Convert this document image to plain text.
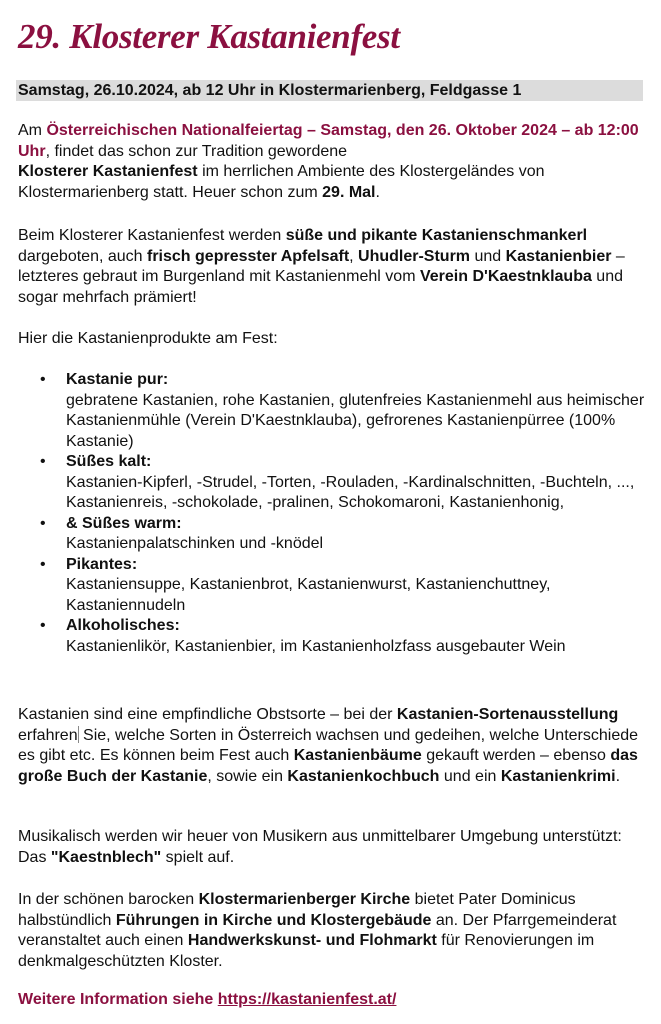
29. Klosterer Kastanienfest
Samstag, 26.10.2024, ab 12 Uhr in Klostermarienberg, Feldgasse 1

Am Österreichischen Nationalfeiertag – Samstag, den 26. Oktober 2024 – ab 12:00 Uhr, findet das schon zur Tradition gewordene
Klosterer Kastanienfest im herrlichen Ambiente des Klostergeländes von Klostermarienberg statt. Heuer schon zum 29. Mal.

Beim Klosterer Kastanienfest werden süße und pikante Kastanienschmankerl dargeboten, auch frisch gepresster Apfelsaft, Uhudler-Sturm und Kastanienbier – letzteres gebraut im Burgenland mit Kastanienmehl vom Verein D'Kaestnklauba und sogar mehrfach prämiert!

Hier die Kastanienprodukte am Fest:

• Kastanie pur:
gebratene Kastanien, rohe Kastanien, glutenfreies Kastanienmehl aus heimischer Kastanienmühle (Verein D'Kaestnklauba), gefrorenes Kastanienpürree (100% Kastanie)
• Süßes kalt:
Kastanien-Kipferl, -Strudel, -Torten, -Rouladen, -Kardinalschnitten, -Buchteln, ..., Kastanienreis, -schokolade, -pralinen, Schokomaroni, Kastanienhonig,
• & Süßes warm:
Kastanienpalatschinken und -knödel
• Pikantes:
Kastaniensuppe, Kastanienbrot, Kastanienwurst, Kastanienchuttney, Kastaniennudeln
• Alkoholisches:
Kastanienlikör, Kastanienbier, im Kastanienholzfass ausgebauter Wein

Kastanien sind eine empfindliche Obstsorte – bei der Kastanien-Sortenausstellung erfahren Sie, welche Sorten in Österreich wachsen und gedeihen, welche Unterschiede es gibt etc. Es können beim Fest auch Kastanienbäume gekauft werden – ebenso das große Buch der Kastanie, sowie ein Kastanienkochbuch und ein Kastanienkrimi.

Musikalisch werden wir heuer von Musikern aus unmittelbarer Umgebung unterstützt: Das "Kaestnblech" spielt auf.

In der schönen barocken Klostermarienberger Kirche bietet Pater Dominicus halbstündlich Führungen in Kirche und Klostergebäude an. Der Pfarrgemeinderat veranstaltet auch einen Handwerkskunst- und Flohmarkt für Renovierungen im denkmalgeschützten Kloster.

Weitere Information siehe https://kastanienfest.at/
